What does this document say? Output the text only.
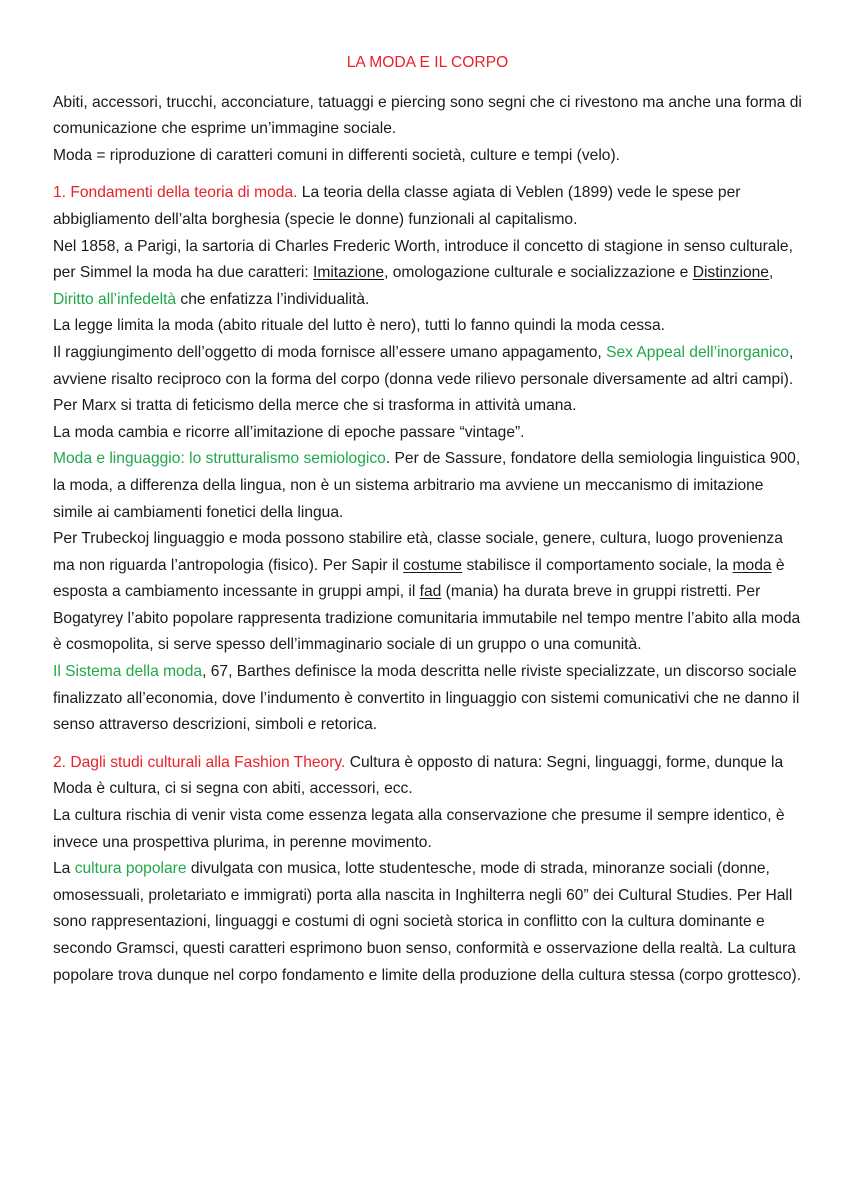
LA MODA E IL CORPO

Abiti, accessori, trucchi, acconciature, tatuaggi e piercing sono segni che ci rivestono ma anche una forma di comunicazione che esprime un’immagine sociale.
Moda = riproduzione di caratteri comuni in differenti società, culture e tempi (velo).

1. Fondamenti della teoria di moda. La teoria della classe agiata di Veblen (1899) vede le spese per abbigliamento dell’alta borghesia (specie le donne) funzionali al capitalismo.

Nel 1858, a Parigi, la sartoria di Charles Frederic Worth, introduce il concetto di stagione in senso culturale, per Simmel la moda ha due caratteri: Imitazione, omologazione culturale e socializzazione e Distinzione, Diritto all’infedeltà che enfatizza l’individualità.

La legge limita la moda (abito rituale del lutto è nero), tutti lo fanno quindi la moda cessa.

Il raggiungimento dell’oggetto di moda fornisce all’essere umano appagamento, Sex Appeal dell’inorganico, avviene risalto reciproco con la forma del corpo (donna vede rilievo personale diversamente ad altri campi). Per Marx si tratta di feticismo della merce che si trasforma in attività umana.

La moda cambia e ricorre all’imitazione di epoche passare “vintage”.

Moda e linguaggio: lo strutturalismo semiologico. Per de Sassure, fondatore della semiologia linguistica 900, la moda, a differenza della lingua, non è un sistema arbitrario ma avviene un meccanismo di imitazione simile ai cambiamenti fonetici della lingua.

Per Trubeckoj linguaggio e moda possono stabilire età, classe sociale, genere, cultura, luogo provenienza ma non riguarda l’antropologia (fisico). Per Sapir il costume stabilisce il comportamento sociale, la moda è esposta a cambiamento incessante in gruppi ampi, il fad (mania) ha durata breve in gruppi ristretti. Per Bogatyrey l’abito popolare rappresenta tradizione comunitaria immutabile nel tempo mentre l’abito alla moda è cosmopolita, si serve spesso dell’immaginario sociale di un gruppo o una comunità.

Il Sistema della moda, 67, Barthes definisce la moda descritta nelle riviste specializzate, un discorso sociale finalizzato all’economia, dove l’indumento è convertito in linguaggio con sistemi comunicativi che ne danno il senso attraverso descrizioni, simboli e retorica.

2. Dagli studi culturali alla Fashion Theory. Cultura è opposto di natura: Segni, linguaggi, forme, dunque la Moda è cultura, ci si segna con abiti, accessori, ecc.

La cultura rischia di venir vista come essenza legata alla conservazione che presume il sempre identico, è invece una prospettiva plurima, in perenne movimento.

La cultura popolare divulgata con musica, lotte studentesche, mode di strada, minoranze sociali (donne, omosessuali, proletariato e immigrati) porta alla nascita in Inghilterra negli 60” dei Cultural Studies. Per Hall sono rappresentazioni, linguaggi e costumi di ogni società storica in conflitto con la cultura dominante e secondo Gramsci, questi caratteri esprimono buon senso, conformità e osservazione della realtà. La cultura popolare trova dunque nel corpo fondamento e limite della produzione della cultura stessa (corpo grottesco).
